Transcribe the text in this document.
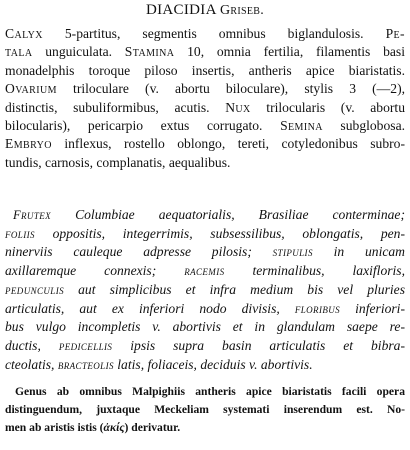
DIACIDIA Griseb.
Calyx 5-partitus, segmentis omnibus biglandulosis. Pe-
tala unguiculata. Stamina 10, omnia fertilia, filamentis basi
monadelphis toroque piloso insertis, antheris apice biaristatis.
Ovarium triloculare (v. abortu biloculare), stylis 3 (—2),
distinctis, subuliformibus, acutis. Nux trilocularis (v. abortu
bilocularis), pericarpio extus corrugato. Semina subglobosa.
Embryo inflexus, rostello oblongo, tereti, cotyledonibus subro-
tundis, carnosis, complanatis, aequalibus.
Frutex Columbiae aequatorialis, Brasiliae conterminae;
foliis oppositis, integerrimis, subsessilibus, oblongatis, pen-
ninerviis cauleque adpresse pilosis; stipulis in unicam
axillaremque connexis; racemis terminalibus, laxifloris,
pedunculis aut simplicibus et infra medium bis vel pluries
articulatis, aut ex inferiori nodo divisis, floribus inferiori-
bus vulgo incompletis v. abortivis et in glandulam saepe re-
ductis, pedicellis ipsis supra basin articulatis et bibra-
cteolatis, bracteolis latis, foliaceis, deciduis v. abortivis.
Genus ab omnibus Malpighiis antheris apice biaristatis facili opera
distinguendum, juxtaque Meckeliam systemati inserendum est. No-
men ab aristis istis (ἀκίς) derivatur.
